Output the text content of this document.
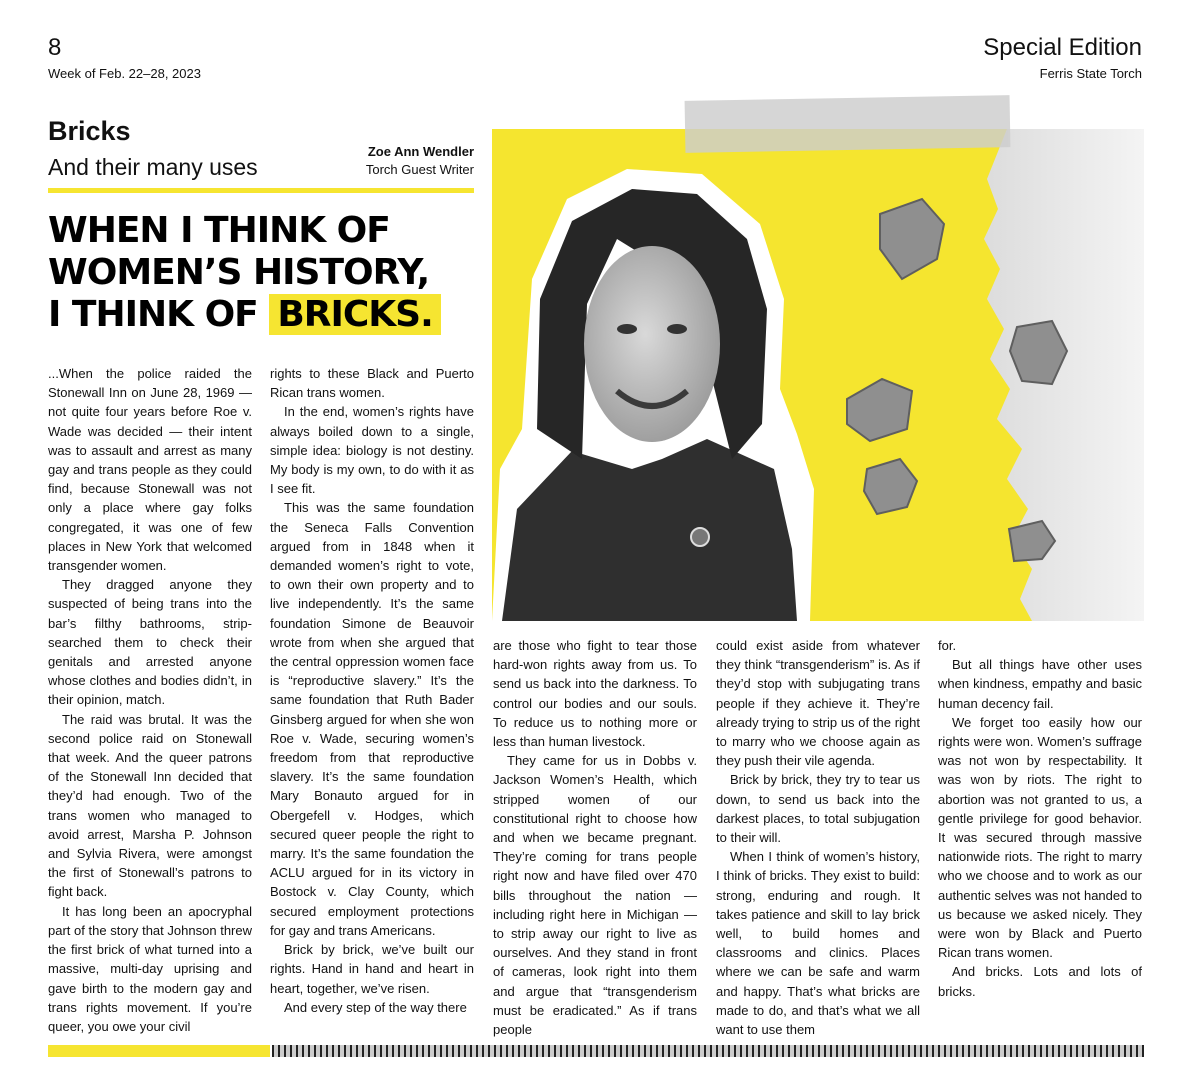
8
Week of Feb. 22–28, 2023
Special Edition
Ferris State Torch
Bricks
And their many uses
Zoe Ann Wendler
Torch Guest Writer
WHEN I THINK OF
WOMEN’S HISTORY,
I THINK OF BRICKS.

...When the police raided the Stonewall Inn on June 28, 1969 — not quite four years before Roe v. Wade was decided — their intent was to assault and arrest as many gay and trans people as they could find, because Stonewall was not only a place where gay folks congregated, it was one of few places in New York that welcomed transgender women.

They dragged anyone they suspected of being trans into the bar’s filthy bathrooms, strip-searched them to check their genitals and arrested anyone whose clothes and bodies didn’t, in their opinion, match.

The raid was brutal. It was the second police raid on Stonewall that week. And the queer patrons of the Stonewall Inn decided that they’d had enough. Two of the trans women who managed to avoid arrest, Marsha P. Johnson and Sylvia Rivera, were amongst the first of Stonewall’s patrons to fight back.

It has long been an apocryphal part of the story that Johnson threw the first brick of what turned into a massive, multi-day uprising and gave birth to the modern gay and trans rights movement. If you’re queer, you owe your civil

rights to these Black and Puerto Rican trans women.

In the end, women’s rights have always boiled down to a single, simple idea: biology is not destiny. My body is my own, to do with it as I see fit.

This was the same foundation the Seneca Falls Convention argued from in 1848 when it demanded women’s right to vote, to own their own property and to live independently. It’s the same foundation Simone de Beauvoir wrote from when she argued that the central oppression women face is “reproductive slavery.” It’s the same foundation that Ruth Bader Ginsberg argued for when she won Roe v. Wade, securing women’s freedom from that reproductive slavery. It’s the same foundation Mary Bonauto argued for in Obergefell v. Hodges, which secured queer people the right to marry. It’s the same foundation the ACLU argued for in its victory in Bostock v. Clay County, which secured employment protections for gay and trans Americans.

Brick by brick, we’ve built our rights. Hand in hand and heart in heart, together, we’ve risen.

And every step of the way there

are those who fight to tear those hard-won rights away from us. To send us back into the darkness. To control our bodies and our souls. To reduce us to nothing more or less than human livestock.

They came for us in Dobbs v. Jackson Women’s Health, which stripped women of our constitutional right to choose how and when we became pregnant. They’re coming for trans people right now and have filed over 470 bills throughout the nation — including right here in Michigan — to strip away our right to live as ourselves. And they stand in front of cameras, look right into them and argue that “transgenderism must be eradicated.” As if trans people

could exist aside from whatever they think “transgenderism” is. As if they’d stop with subjugating trans people if they achieve it. They’re already trying to strip us of the right to marry who we choose again as they push their vile agenda.

Brick by brick, they try to tear us down, to send us back into the darkest places, to total subjugation to their will.

When I think of women’s history, I think of bricks. They exist to build: strong, enduring and rough. It takes patience and skill to lay brick well, to build homes and classrooms and clinics. Places where we can be safe and warm and happy. That’s what bricks are made to do, and that’s what we all want to use them

for.

But all things have other uses when kindness, empathy and basic human decency fail.

We forget too easily how our rights were won. Women’s suffrage was not won by respectability. It was won by riots. The right to abortion was not granted to us, a gentle privilege for good behavior. It was secured through massive nationwide riots. The right to marry who we choose and to work as our authentic selves was not handed to us because we asked nicely. They were won by Black and Puerto Rican trans women.

And bricks. Lots and lots of bricks.
